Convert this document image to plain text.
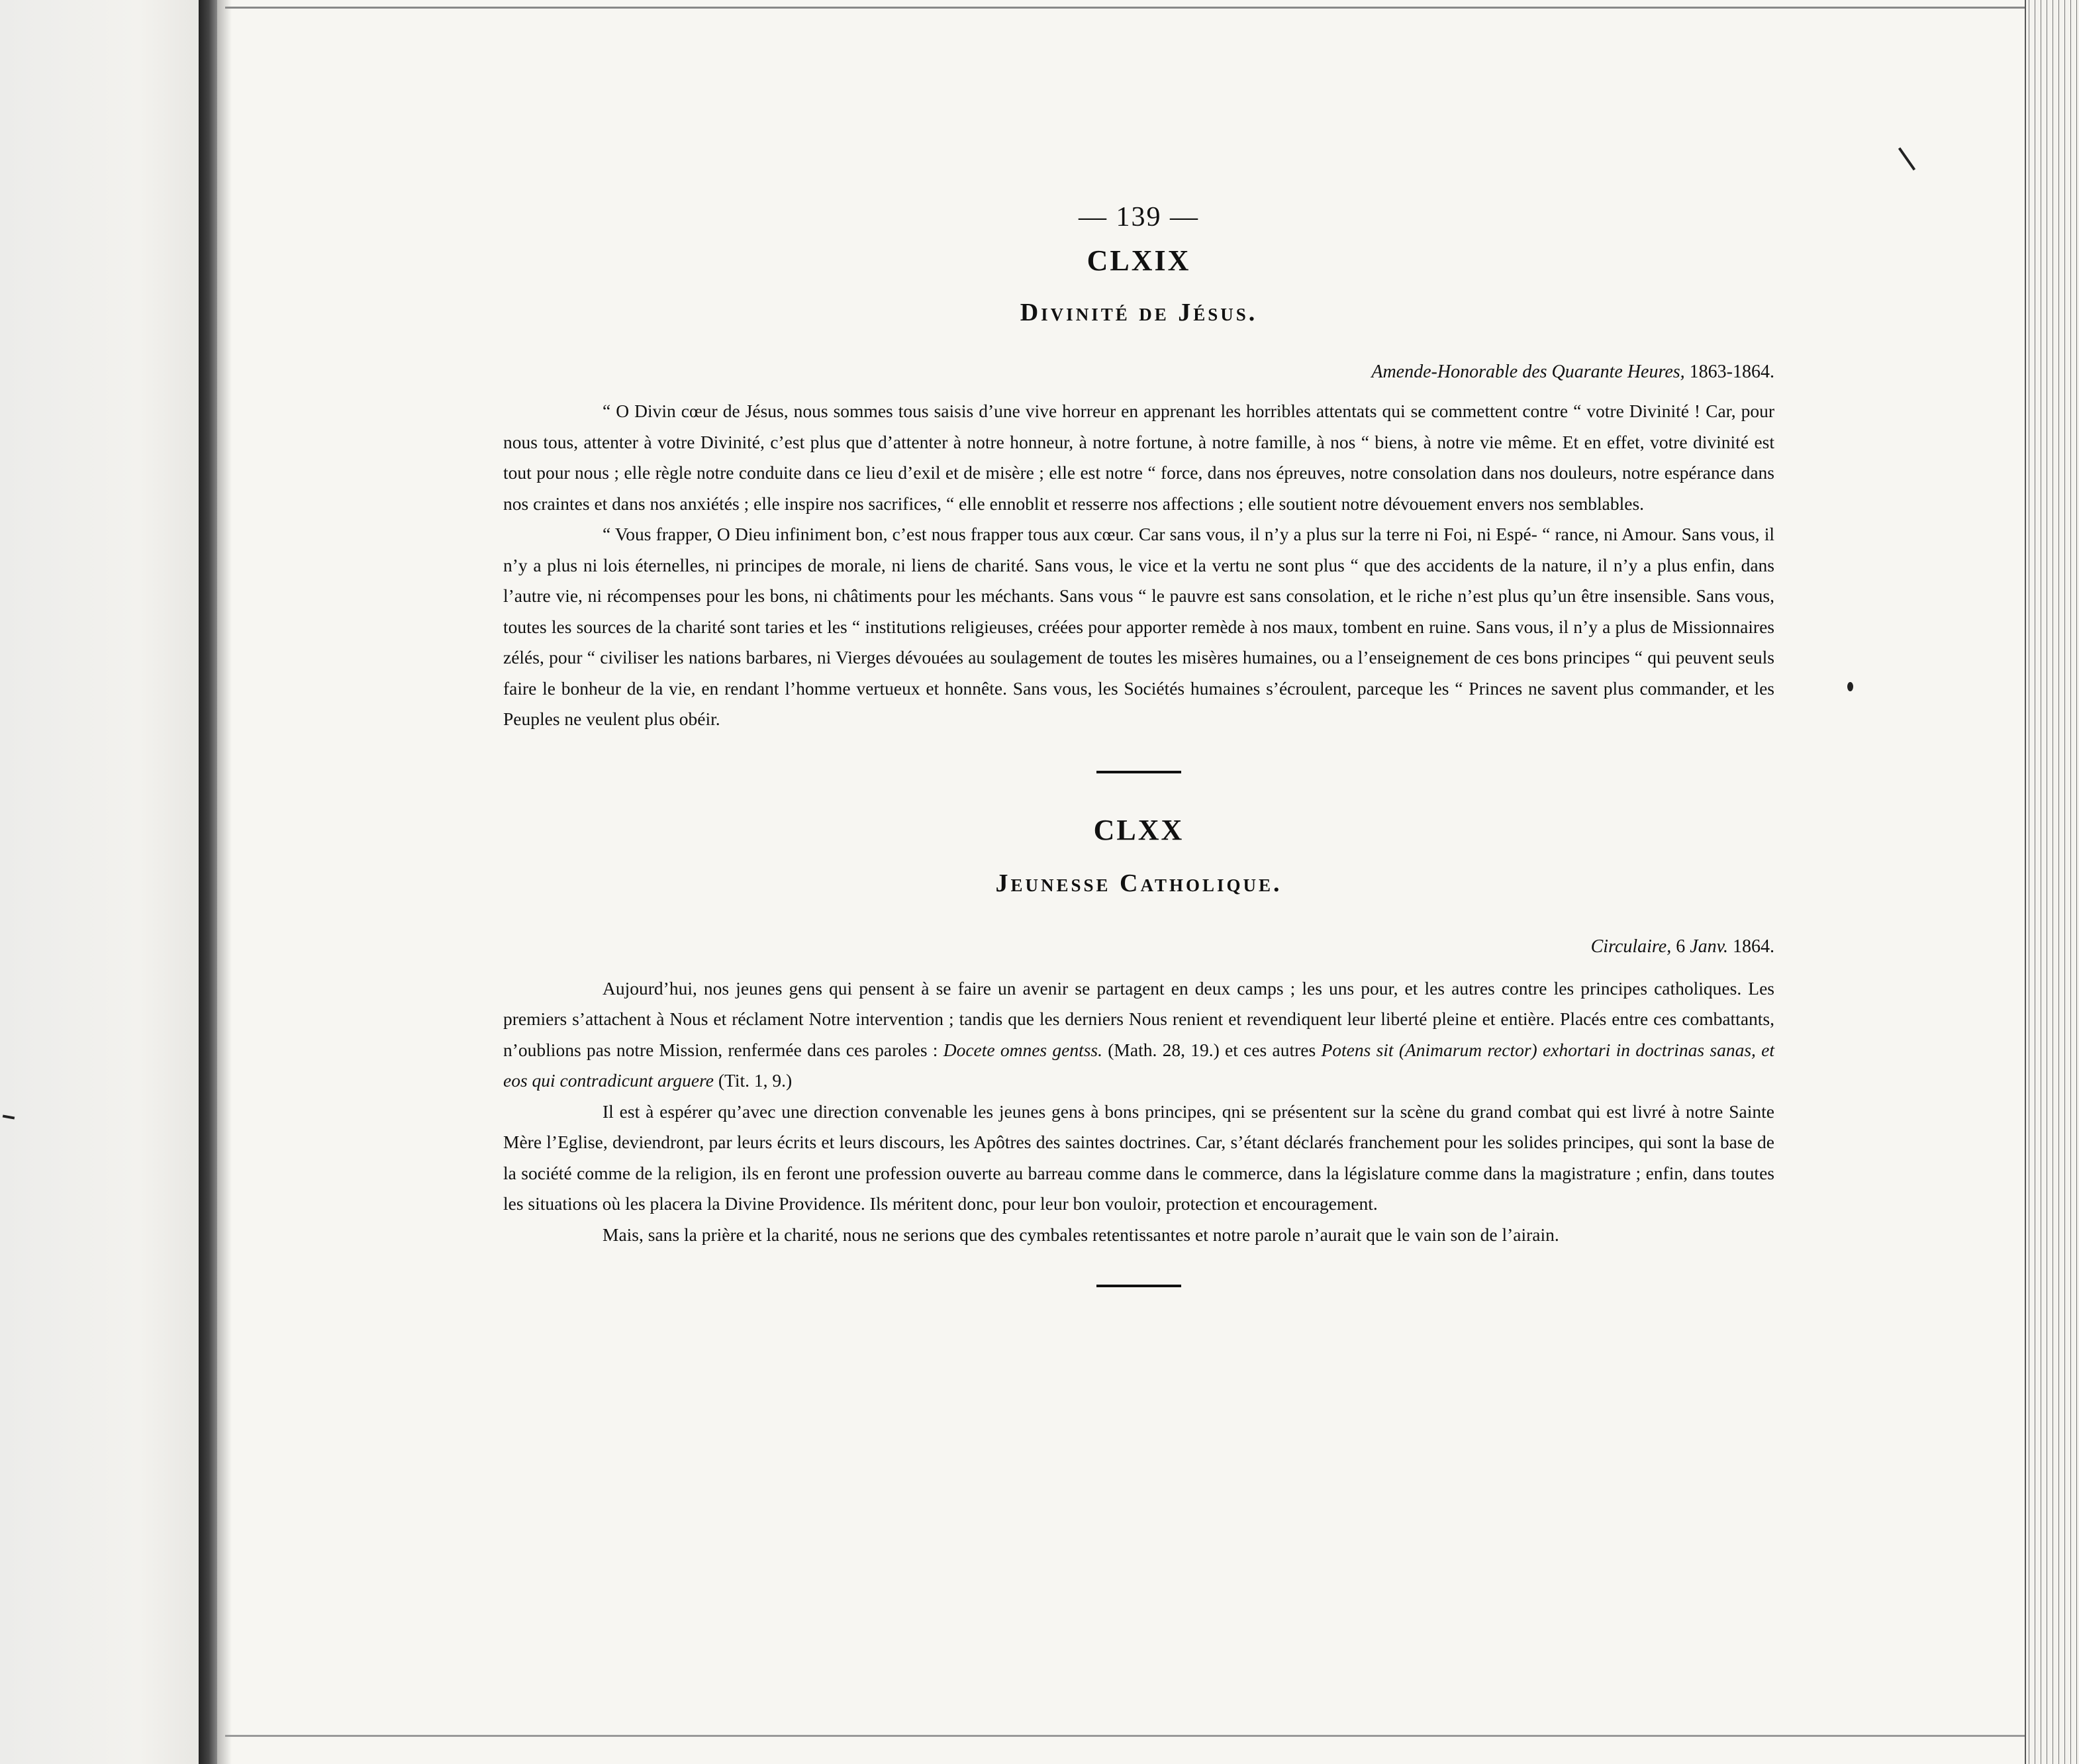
— 139 —

CLXIX
Divinité de Jésus.

Amende-Honorable des Quarante Heures, 1863-1864.

“ O Divin cœur de Jésus, nous sommes tous saisis d’une vive horreur en apprenant les horribles attentats qui se commettent contre “ votre Divinité ! Car, pour nous tous, attenter à votre Divinité, c’est plus que d’attenter à notre honneur, à notre fortune, à notre famille, à nos “ biens, à notre vie même. Et en effet, votre divinité est tout pour nous ; elle règle notre conduite dans ce lieu d’exil et de misère ; elle est notre “ force, dans nos épreuves, notre consolation dans nos douleurs, notre espérance dans nos craintes et dans nos anxiétés ; elle inspire nos sacrifices, “ elle ennoblit et resserre nos affections ; elle soutient notre dévouement envers nos semblables.

“ Vous frapper, O Dieu infiniment bon, c’est nous frapper tous aux cœur. Car sans vous, il n’y a plus sur la terre ni Foi, ni Espé- “ rance, ni Amour. Sans vous, il n’y a plus ni lois éternelles, ni principes de morale, ni liens de charité. Sans vous, le vice et la vertu ne sont plus “ que des accidents de la nature, il n’y a plus enfin, dans l’autre vie, ni récompenses pour les bons, ni châtiments pour les méchants. Sans vous “ le pauvre est sans consolation, et le riche n’est plus qu’un être insensible. Sans vous, toutes les sources de la charité sont taries et les “ institutions religieuses, créées pour apporter remède à nos maux, tombent en ruine. Sans vous, il n’y a plus de Missionnaires zélés, pour “ civiliser les nations barbares, ni Vierges dévouées au soulagement de toutes les misères humaines, ou a l’enseignement de ces bons principes “ qui peuvent seuls faire le bonheur de la vie, en rendant l’homme vertueux et honnête. Sans vous, les Sociétés humaines s’écroulent, parceque les “ Princes ne savent plus commander, et les Peuples ne veulent plus obéir.

CLXX
Jeunesse Catholique.

Circulaire, 6 Janv. 1864.

Aujourd’hui, nos jeunes gens qui pensent à se faire un avenir se partagent en deux camps ; les uns pour, et les autres contre les principes catholiques. Les premiers s’attachent à Nous et réclament Notre intervention ; tandis que les derniers Nous renient et revendiquent leur liberté pleine et entière. Placés entre ces combattants, n’oublions pas notre Mission, renfermée dans ces paroles : Docete omnes gentss. (Math. 28, 19.) et ces autres Potens sit (Animarum rector) exhortari in doctrinas sanas, et eos qui contradicunt arguere (Tit. 1, 9.)

Il est à espérer qu’avec une direction convenable les jeunes gens à bons principes, qni se présentent sur la scène du grand combat qui est livré à notre Sainte Mère l’Eglise, deviendront, par leurs écrits et leurs discours, les Apôtres des saintes doctrines. Car, s’étant déclarés franchement pour les solides principes, qui sont la base de la société comme de la religion, ils en feront une profession ouverte au barreau comme dans le commerce, dans la législature comme dans la magistrature ; enfin, dans toutes les situations où les placera la Divine Providence. Ils méritent donc, pour leur bon vouloir, protection et encouragement.

Mais, sans la prière et la charité, nous ne serions que des cymbales retentissantes et notre parole n’aurait que le vain son de l’airain.
